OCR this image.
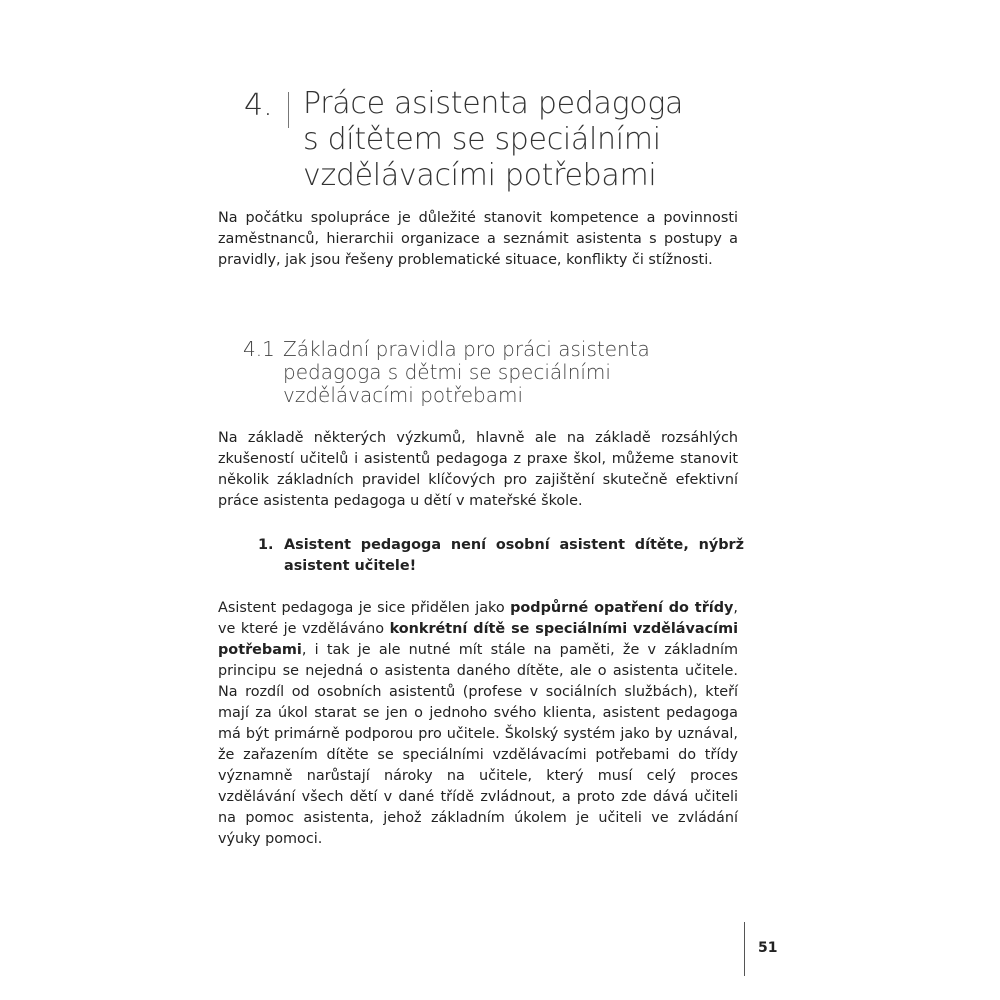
4.	Práce asistenta pedagoga
s dítětem se speciálními
vzdělávacími potřebami

Na počátku spolupráce je důležité stanovit kompetence a povinnosti zaměstnanců, hierarchii organizace a seznámit asistenta s postupy a pravidly, jak jsou řešeny problematické situace, konflikty či stížnosti.

4.1 Základní pravidla pro práci asistenta
pedagoga s dětmi se speciálními
vzdělávacími potřebami

Na základě některých výzkumů, hlavně ale na základě rozsáhlých zkušeností učitelů i asistentů pedagoga z praxe škol, můžeme stanovit několik základních pravidel klíčových pro zajištění skutečně efektivní práce asistenta pedagoga u dětí v mateřské škole.

1. Asistent pedagoga není osobní asistent dítěte, nýbrž asistent učitele!

Asistent pedagoga je sice přidělen jako podpůrné opatření do třídy, ve které je vzděláváno konkrétní dítě se speciálními vzdělávacími potřebami, i tak je ale nutné mít stále na paměti, že v základním principu se nejedná o asistenta daného dítěte, ale o asistenta učitele. Na rozdíl od osobních asistentů (profese v sociálních službách), kteří mají za úkol starat se jen o jednoho svého klienta, asistent pedagoga má být primárně podporou pro učitele. Školský systém jako by uznával, že zařazením dítěte se speciálními vzdělávacími potřebami do třídy významně narůstají nároky na učitele, který musí celý proces vzdělávání všech dětí v dané třídě zvládnout, a proto zde dává učiteli na pomoc asistenta, jehož základním úkolem je učiteli ve zvládání výuky pomoci.

51
